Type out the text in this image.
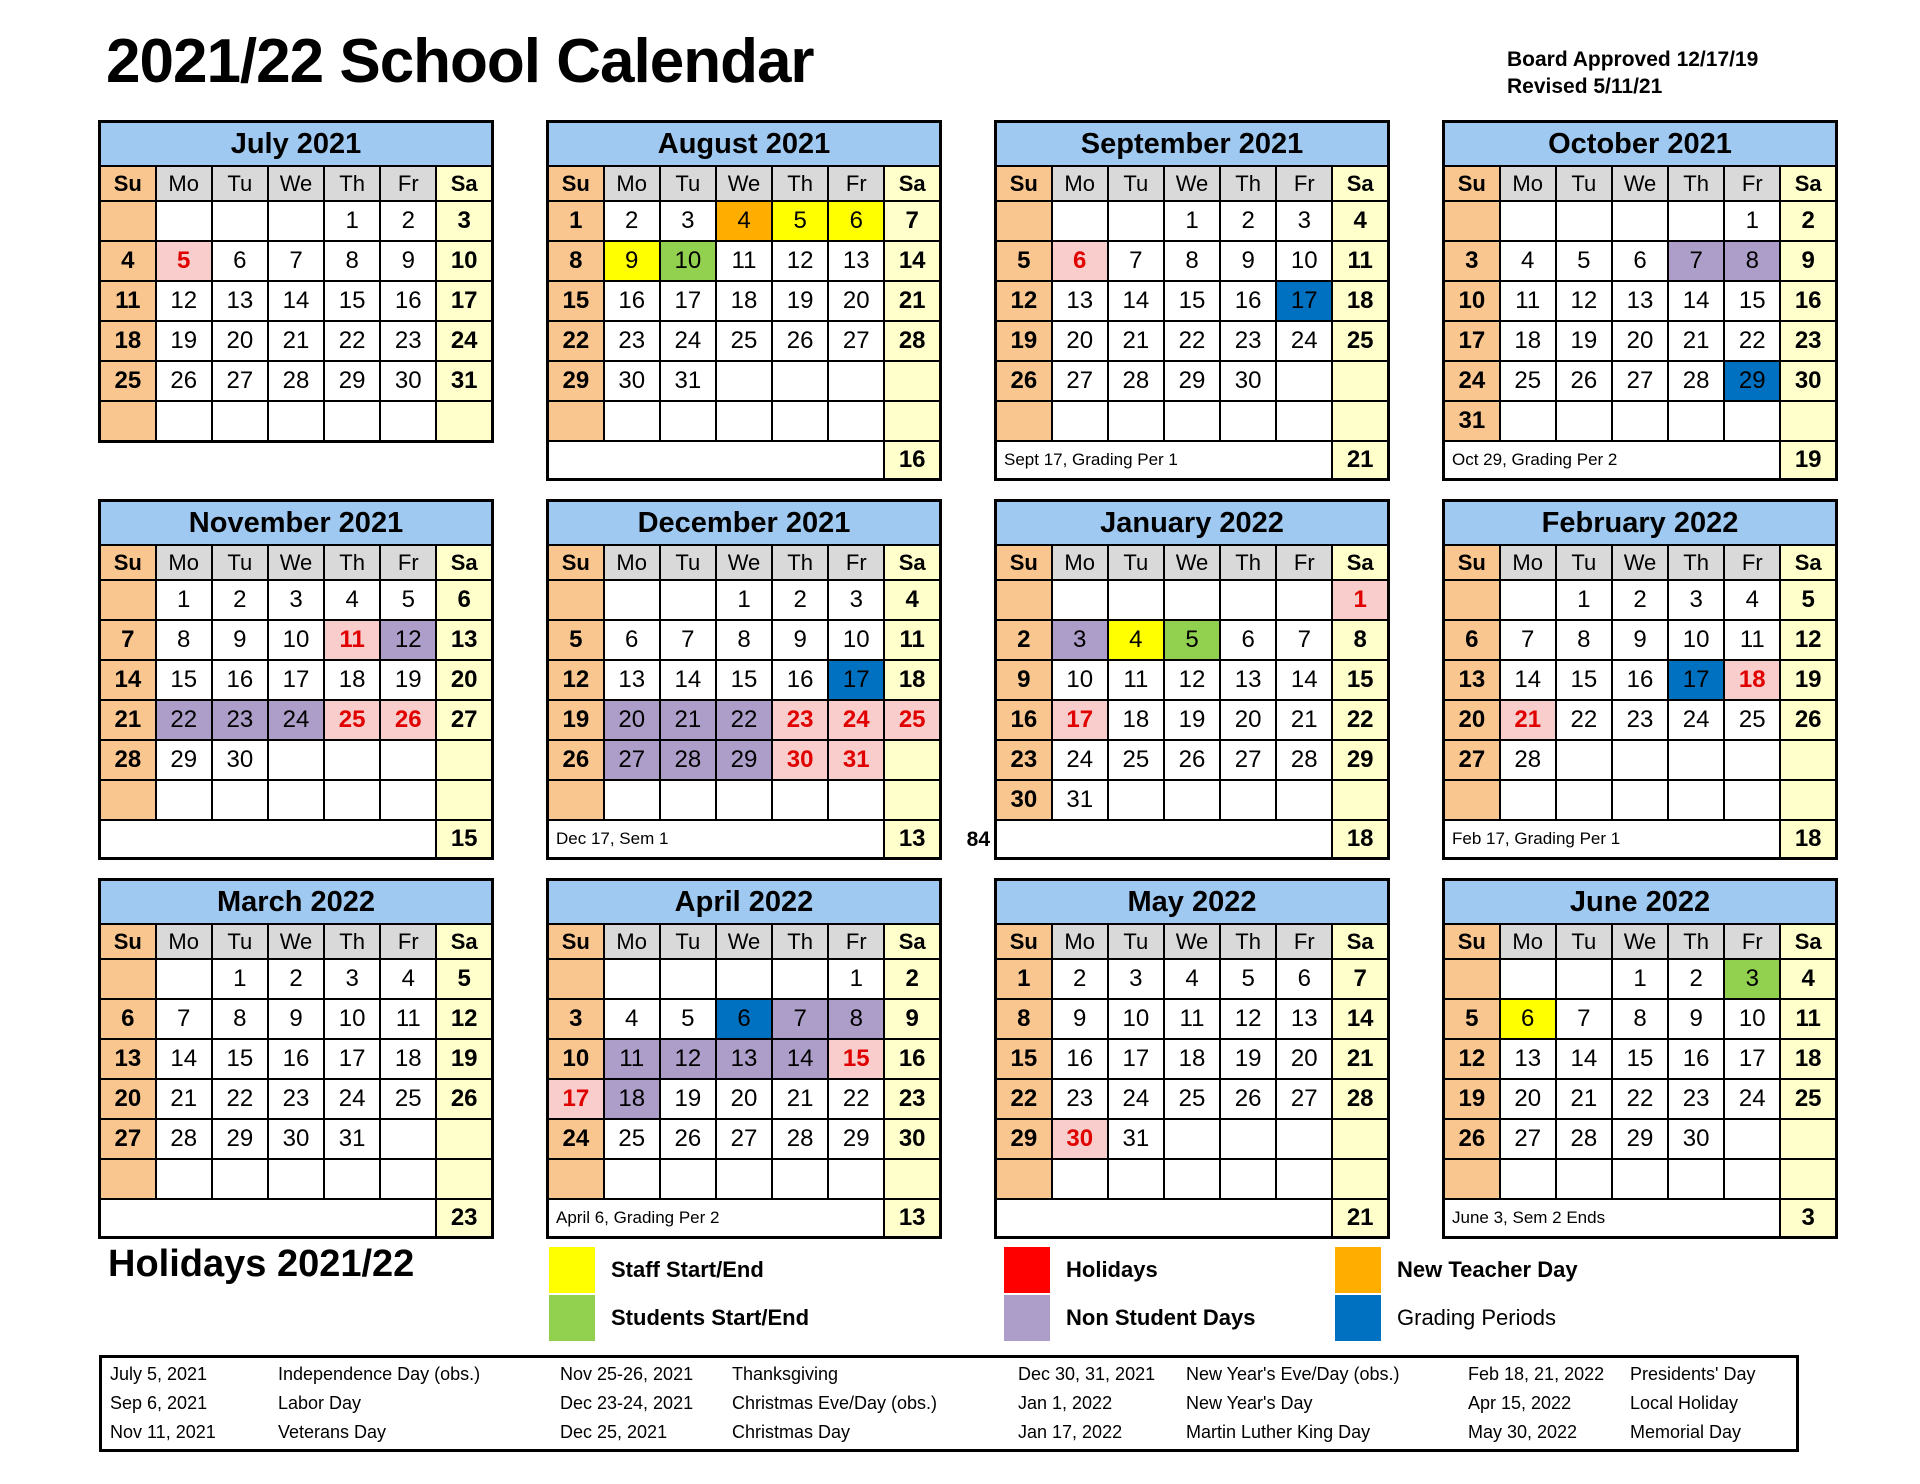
2021/22 School Calendar	Board Approved 12/17/19
Revised 5/11/21
July 2021						
Su	Mo	Tu	We	Th	Fr	Sa
				1	2	3
4	5	6	7	8	9	10
11	12	13	14	15	16	17
18	19	20	21	22	23	24
25	26	27	28	29	30	31

August 2021						
Su	Mo	Tu	We	Th	Fr	Sa
1	2	3	4	5	6	7
8	9	10	11	12	13	14
15	16	17	18	19	20	21
22	23	24	25	26	27	28
29	30	31				

						16
September 2021						
Su	Mo	Tu	We	Th	Fr	Sa
			1	2	3	4
5	6	7	8	9	10	11
12	13	14	15	16	17	18
19	20	21	22	23	24	25
26	27	28	29	30		

Sept 17, Grading Per 1						21
October 2021						
Su	Mo	Tu	We	Th	Fr	Sa
					1	2
3	4	5	6	7	8	9
10	11	12	13	14	15	16
17	18	19	20	21	22	23
24	25	26	27	28	29	30
31						
Oct 29, Grading Per 2						19
November 2021						
Su	Mo	Tu	We	Th	Fr	Sa
	1	2	3	4	5	6
7	8	9	10	11	12	13
14	15	16	17	18	19	20
21	22	23	24	25	26	27
28	29	30				

						15
December 2021						
Su	Mo	Tu	We	Th	Fr	Sa
			1	2	3	4
5	6	7	8	9	10	11
12	13	14	15	16	17	18
19	20	21	22	23	24	25
26	27	28	29	30	31	

Dec 17, Sem 1						13 84
January 2022						
Su	Mo	Tu	We	Th	Fr	Sa
						1
2	3	4	5	6	7	8
9	10	11	12	13	14	15
16	17	18	19	20	21	22
23	24	25	26	27	28	29
30	31					
						18
February 2022						
Su	Mo	Tu	We	Th	Fr	Sa
		1	2	3	4	5
6	7	8	9	10	11	12
13	14	15	16	17	18	19
20	21	22	23	24	25	26
27	28					

Feb 17, Grading Per 1						18
March 2022						
Su	Mo	Tu	We	Th	Fr	Sa
		1	2	3	4	5
6	7	8	9	10	11	12
13	14	15	16	17	18	19
20	21	22	23	24	25	26
27	28	29	30	31		

						23
April 2022						
Su	Mo	Tu	We	Th	Fr	Sa
					1	2
3	4	5	6	7	8	9
10	11	12	13	14	15	16
17	18	19	20	21	22	23
24	25	26	27	28	29	30

April 6, Grading Per 2						13
May 2022						
Su	Mo	Tu	We	Th	Fr	Sa
1	2	3	4	5	6	7
8	9	10	11	12	13	14
15	16	17	18	19	20	21
22	23	24	25	26	27	28
29	30	31				

						21
June 2022						
Su	Mo	Tu	We	Th	Fr	Sa
			1	2	3	4
5	6	7	8	9	10	11
12	13	14	15	16	17	18
19	20	21	22	23	24	25
26	27	28	29	30		

June 3, Sem 2 Ends						3
Holidays 2021/22	Staff Start/End
Students Start/End
Holidays
Non Student Days
New Teacher Day
Grading Periods
July 5, 2021	Independence Day (obs.)	Nov 25-26, 2021	Thanksgiving	Dec 30, 31, 2021	New Year's Eve/Day (obs.)	Feb 18, 21, 2022	Presidents' Day
Sep 6, 2021	Labor Day	Dec 23-24, 2021	Christmas Eve/Day (obs.)	Jan 1, 2022	New Year's Day	Apr 15, 2022	Local Holiday
Nov 11, 2021	Veterans Day	Dec 25, 2021	Christmas Day	Jan 17, 2022	Martin Luther King Day	May 30, 2022	Memorial Day
